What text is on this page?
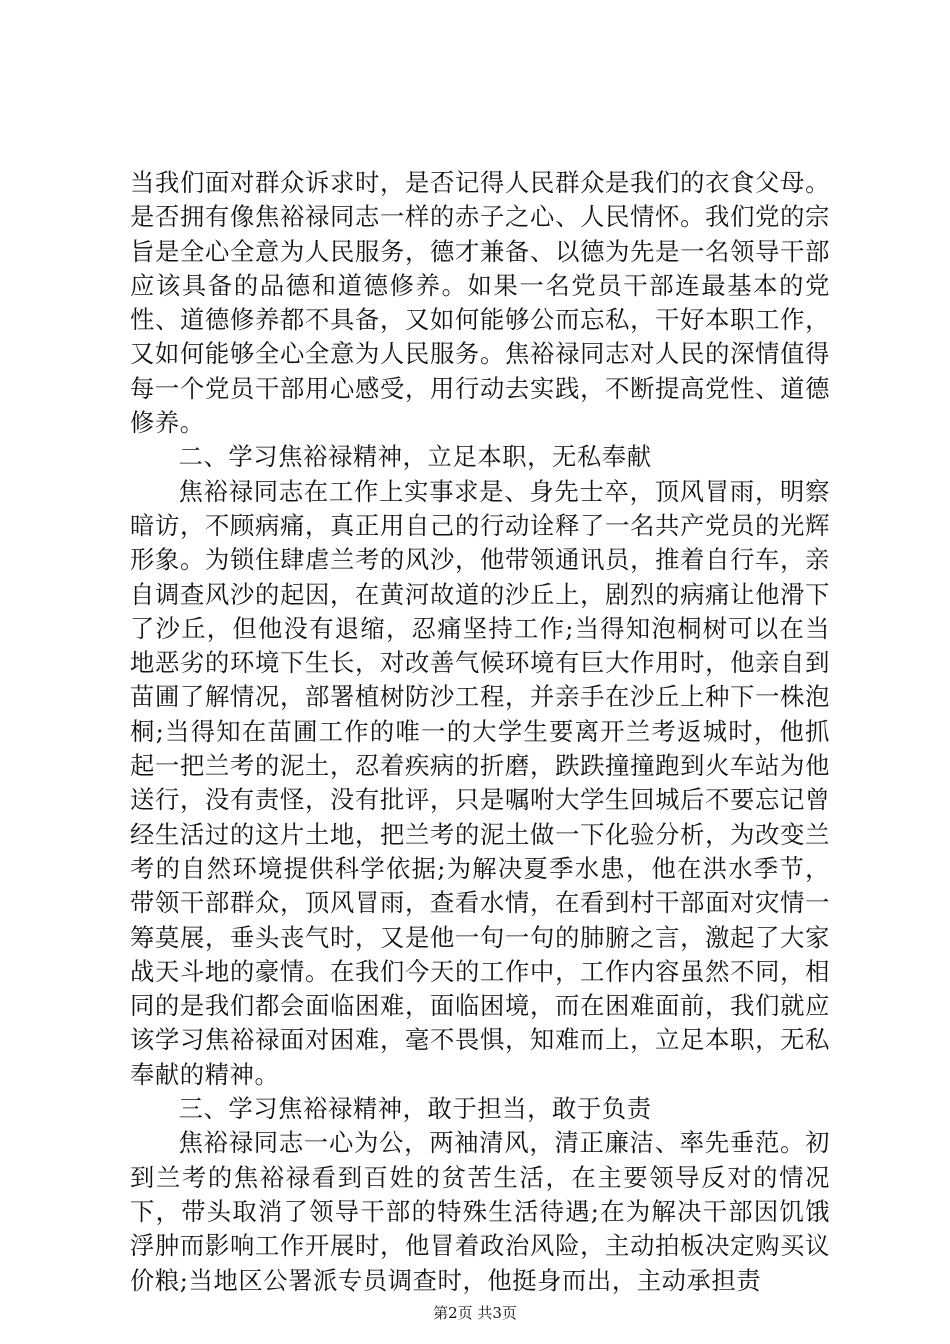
当我们面对群众诉求时，是否记得人民群众是我们的衣食父母。是否拥有像焦裕禄同志一样的赤子之心、人民情怀。我们党的宗旨是全心全意为人民服务，德才兼备、以德为先是一名领导干部应该具备的品德和道德修养。如果一名党员干部连最基本的党性、道德修养都不具备，又如何能够公而忘私，干好本职工作，又如何能够全心全意为人民服务。焦裕禄同志对人民的深情值得每一个党员干部用心感受，用行动去实践，不断提高党性、道德修养。

二、学习焦裕禄精神，立足本职，无私奉献

焦裕禄同志在工作上实事求是、身先士卒，顶风冒雨，明察暗访，不顾病痛，真正用自己的行动诠释了一名共产党员的光辉形象。为锁住肆虐兰考的风沙，他带领通讯员，推着自行车，亲自调查风沙的起因，在黄河故道的沙丘上，剧烈的病痛让他滑下了沙丘，但他没有退缩，忍痛坚持工作;当得知泡桐树可以在当地恶劣的环境下生长，对改善气候环境有巨大作用时，他亲自到苗圃了解情况，部署植树防沙工程，并亲手在沙丘上种下一株泡桐;当得知在苗圃工作的唯一的大学生要离开兰考返城时，他抓起一把兰考的泥土，忍着疾病的折磨，跌跌撞撞跑到火车站为他送行，没有责怪，没有批评，只是嘱咐大学生回城后不要忘记曾经生活过的这片土地，把兰考的泥土做一下化验分析，为改变兰考的自然环境提供科学依据;为解决夏季水患，他在洪水季节，带领干部群众，顶风冒雨，查看水情，在看到村干部面对灾情一筹莫展，垂头丧气时，又是他一句一句的肺腑之言，激起了大家战天斗地的豪情。在我们今天的工作中，工作内容虽然不同，相同的是我们都会面临困难，面临困境，而在困难面前，我们就应该学习焦裕禄面对困难，毫不畏惧，知难而上，立足本职，无私奉献的精神。

三、学习焦裕禄精神，敢于担当，敢于负责

焦裕禄同志一心为公，两袖清风，清正廉洁、率先垂范。初到兰考的焦裕禄看到百姓的贫苦生活，在主要领导反对的情况下，带头取消了领导干部的特殊生活待遇;在为解决干部因饥饿浮肿而影响工作开展时，他冒着政治风险，主动拍板决定购买议价粮;当地区公署派专员调查时，他挺身而出，主动承担责

第2页 共3页
